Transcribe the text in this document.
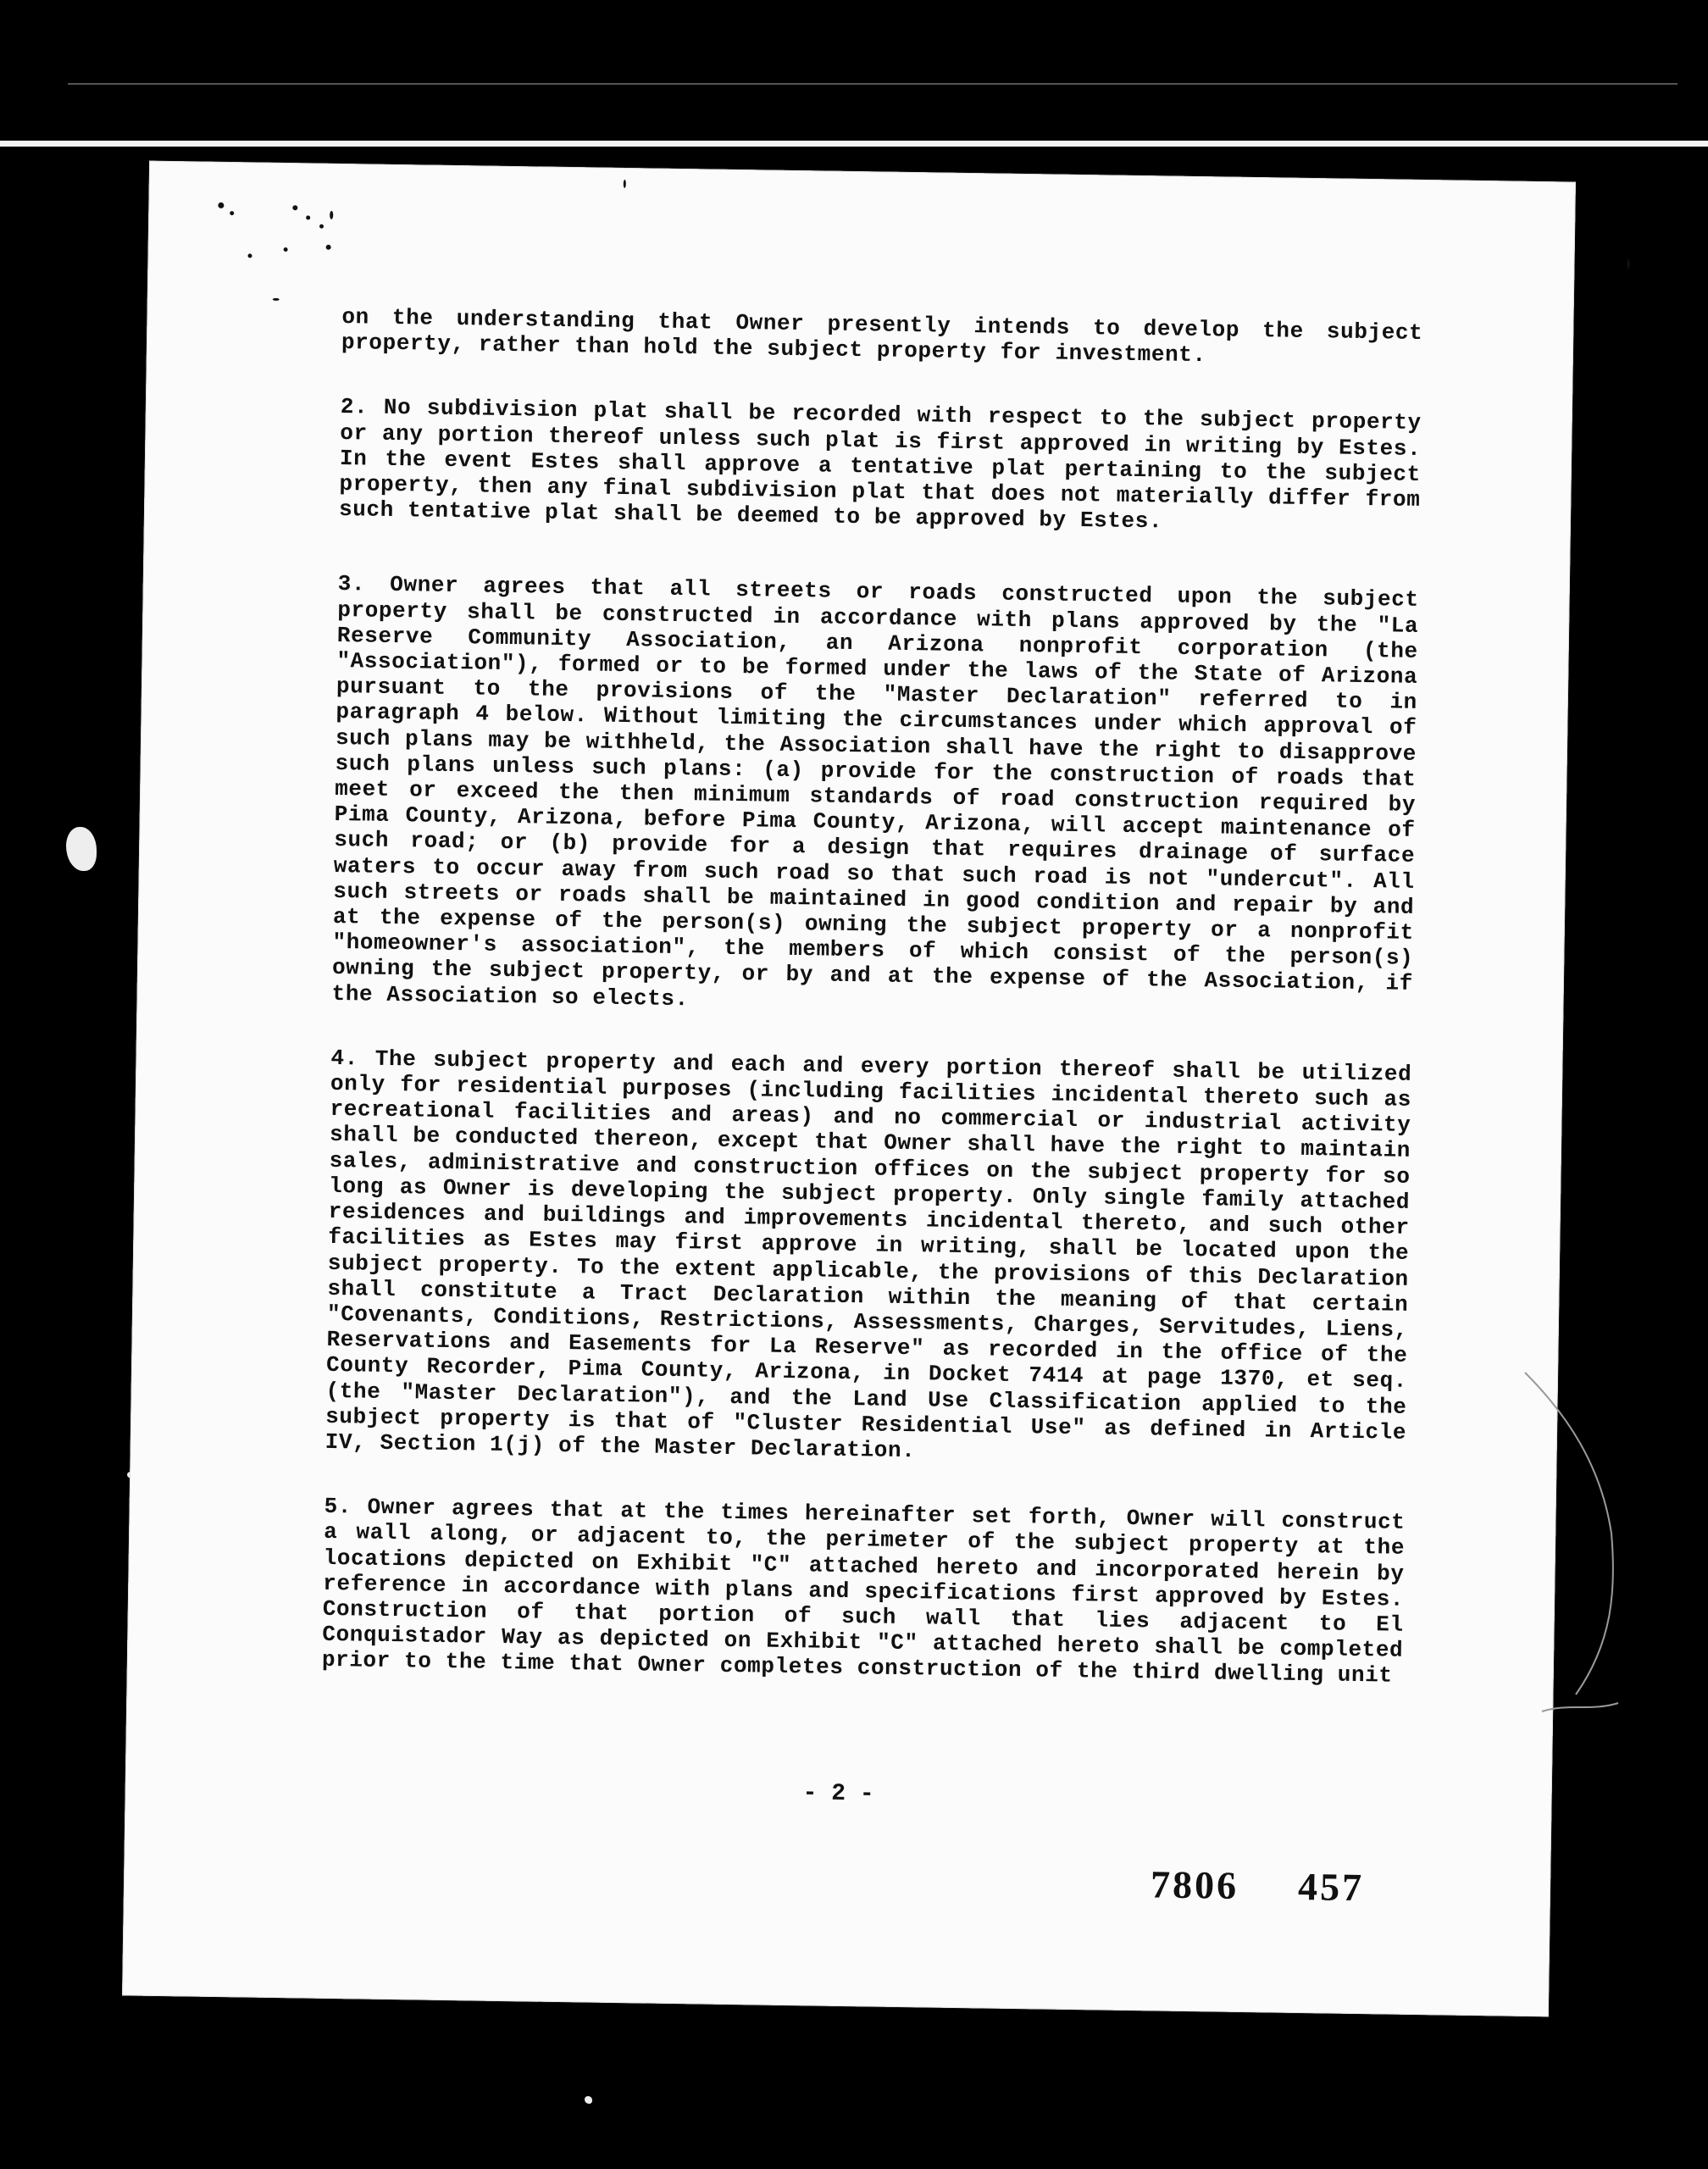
on the understanding that Owner presently intends to develop the subject property, rather than hold the subject property for investment.

2. No subdivision plat shall be recorded with respect to the subject property or any portion thereof unless such plat is first approved in writing by Estes. In the event Estes shall approve a tentative plat pertaining to the subject property, then any final subdivision plat that does not materially differ from such tentative plat shall be deemed to be approved by Estes.

3. Owner agrees that all streets or roads constructed upon the subject property shall be constructed in accordance with plans approved by the "La Reserve Community Association, an Arizona nonprofit corporation (the "Association"), formed or to be formed under the laws of the State of Arizona pursuant to the provisions of the "Master Declaration" referred to in paragraph 4 below. Without limiting the circumstances under which approval of such plans may be withheld, the Association shall have the right to disapprove such plans unless such plans: (a) provide for the construction of roads that meet or exceed the then minimum standards of road construction required by Pima County, Arizona, before Pima County, Arizona, will accept maintenance of such road; or (b) provide for a design that requires drainage of surface waters to occur away from such road so that such road is not "undercut". All such streets or roads shall be maintained in good condition and repair by and at the expense of the person(s) owning the subject property or a nonprofit "homeowner's association", the members of which consist of the person(s) owning the subject property, or by and at the expense of the Association, if the Association so elects.

4. The subject property and each and every portion thereof shall be utilized only for residential purposes (including facilities incidental thereto such as recreational facilities and areas) and no commercial or industrial activity shall be conducted thereon, except that Owner shall have the right to maintain sales, administrative and construction offices on the subject property for so long as Owner is developing the subject property. Only single family attached residences and buildings and improvements incidental thereto, and such other facilities as Estes may first approve in writing, shall be located upon the subject property. To the extent applicable, the provisions of this Declaration shall constitute a Tract Declaration within the meaning of that certain "Covenants, Conditions, Restrictions, Assessments, Charges, Servitudes, Liens, Reservations and Easements for La Reserve" as recorded in the office of the County Recorder, Pima County, Arizona, in Docket 7414 at page 1370, et seq. (the "Master Declaration"), and the Land Use Classification applied to the subject property is that of "Cluster Residential Use" as defined in Article IV, Section 1(j) of the Master Declaration.

5. Owner agrees that at the times hereinafter set forth, Owner will construct a wall along, or adjacent to, the perimeter of the subject property at the locations depicted on Exhibit "C" attached hereto and incorporated herein by reference in accordance with plans and specifications first approved by Estes. Construction of that portion of such wall that lies adjacent to El Conquistador Way as depicted on Exhibit "C" attached hereto shall be completed prior to the time that Owner completes construction of the third dwelling unit

- 2 -
7806 457
